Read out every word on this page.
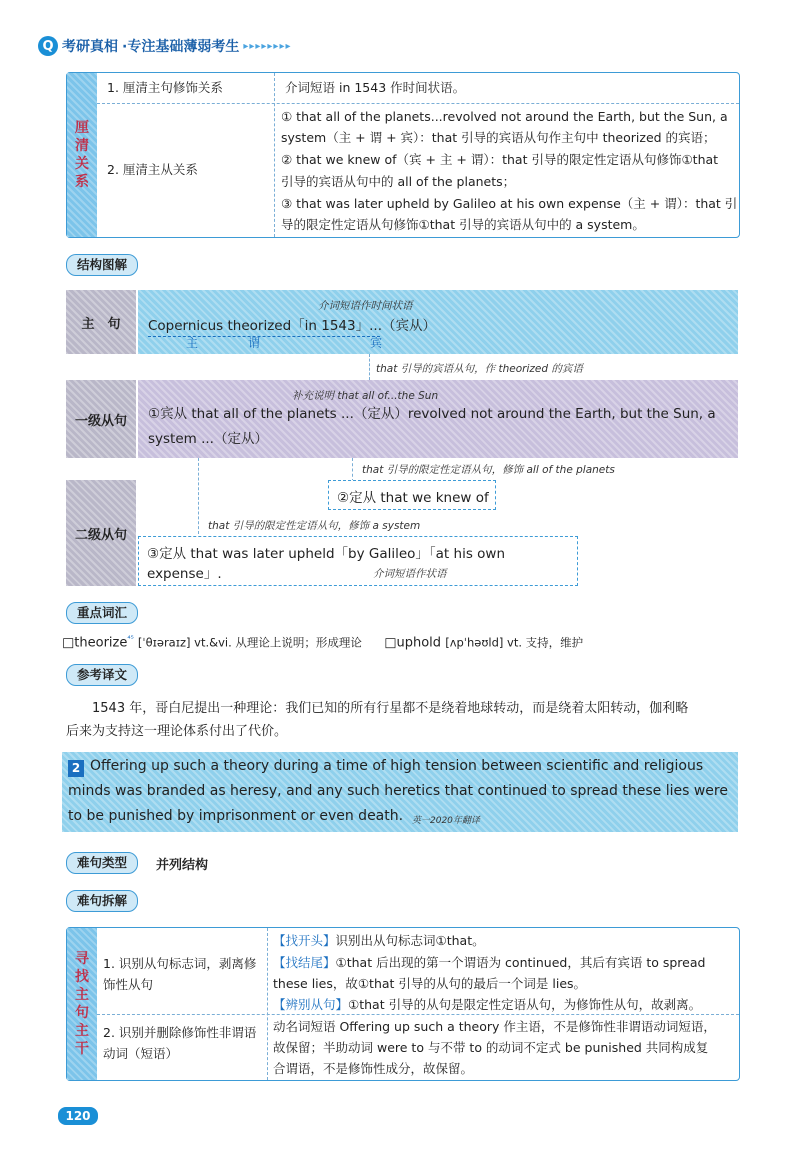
Q 考研真相 ·专注基础薄弱考生 ▸▸▸▸▸▸▸▸
厘
清
关
系
1. 厘清主句修饰关系	介词短语 in 1543 作时间状语。
2. 厘清主从关系
① that all of the planets...revolved not around the Earth, but the Sun, a
system（主 + 谓 + 宾）：that 引导的宾语从句作主句中 theorized 的宾语；
② that we knew of（宾 + 主 + 谓）：that 引导的限定性定语从句修饰①that
引导的宾语从句中的 all of the planets；
③ that was later upheld by Galileo at his own expense（主 + 谓）：that 引
导的限定性定语从句修饰①that 引导的宾语从句中的 a system。
结构图解
主　句
介词短语作时间状语
Copernicus theorized「in 1543」...（宾从）
主	谓	宾
that 引导的宾语从句，作 theorized 的宾语
一级从句
补充说明 that all of...the Sun
①宾从 that all of the planets ...（定从）revolved not around the Earth, but the Sun, a
system ...（定从）
that 引导的限定性定语从句，修饰 all of the planets
②定从 that we knew of
二级从句
that 引导的限定性定语从句，修饰 a system
③定从 that was later upheld「by Galileo」「at his own expense」.	介词短语作状语
重点词汇
□theorize$^{^{45}}$ [ˈθɪəraɪz] vt.&vi. 从理论上说明；形成理论 □uphold [ʌpˈhəʊld] vt. 支持，维护
参考译文
1543 年，哥白尼提出一种理论：我们已知的所有行星都不是绕着地球转动，而是绕着太阳转动，伽利略
后来为支持这一理论体系付出了代价。
2 Offering up such a theory during a time of high tension between scientific and religious
minds was branded as heresy, and any such heretics that continued to spread these lies were
to be punished by imprisonment or even death. 英一2020年翻译
难句类型	并列结构
难句拆解
寻
找
主
句
主
干
1. 识别从句标志词，剥离修
饰性从句
【找开头】识别出从句标志词①that。
【找结尾】①that 后出现的第一个谓语为 continued，其后有宾语 to spread
these lies，故①that 引导的从句的最后一个词是 lies。
【辨别从句】①that 引导的从句是限定性定语从句，为修饰性从句，故剥离。
2. 识别并删除修饰性非谓语
动词（短语）
动名词短语 Offering up such a theory 作主语，不是修饰性非谓语动词短语，
故保留；半助动词 were to 与不带 to 的动词不定式 be punished 共同构成复
合谓语，不是修饰性成分，故保留。
120
